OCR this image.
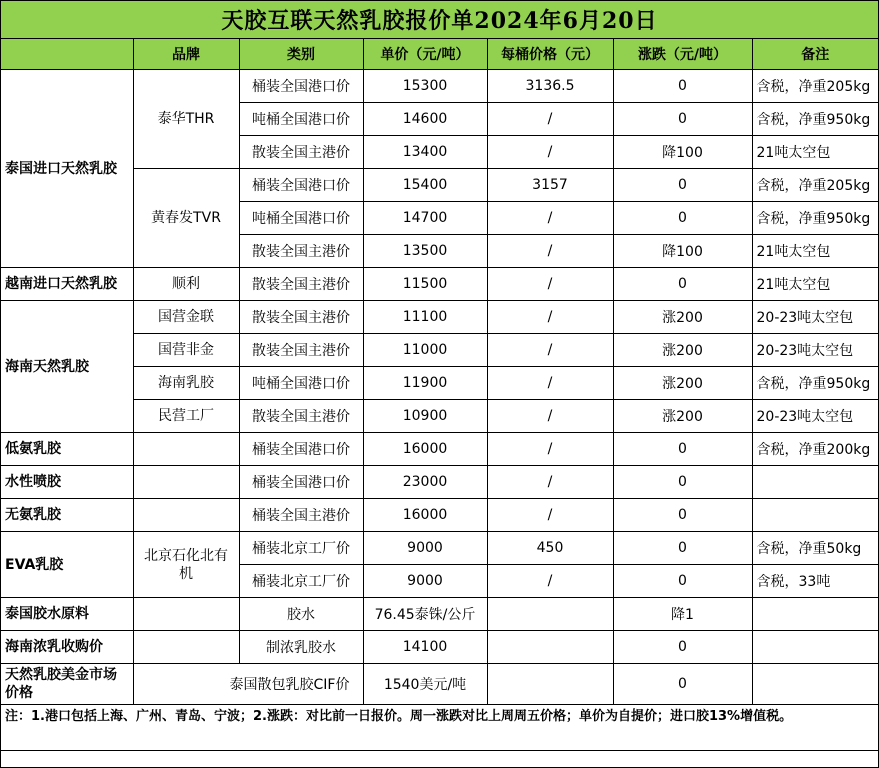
天胶互联天然乳胶报价单2024年6月20日
	品牌	类别	单价（元/吨）	每桶价格（元）	涨跌（元/吨）	备注
泰国进口天然乳胶	泰华THR	桶装全国港口价	15300	3136.5	0	含税，净重205kg
		吨桶全国港口价	14600	/	0	含税，净重950kg
		散装全国主港价	13400	/	降100	21吨太空包
	黄春发TVR	桶装全国港口价	15400	3157	0	含税，净重205kg
		吨桶全国港口价	14700	/	0	含税，净重950kg
		散装全国主港价	13500	/	降100	21吨太空包
越南进口天然乳胶	顺利	散装全国主港价	11500	/	0	21吨太空包
海南天然乳胶	国营金联	散装全国主港价	11100	/	涨200	20-23吨太空包
	国营非金	散装全国主港价	11000	/	涨200	20-23吨太空包
	海南乳胶	吨桶全国港口价	11900	/	涨200	含税，净重950kg
	民营工厂	散装全国主港价	10900	/	涨200	20-23吨太空包
低氨乳胶		桶装全国港口价	16000	/	0	含税，净重200kg
水性喷胶		桶装全国港口价	23000	/	0	
无氨乳胶		桶装全国主港价	16000	/	0	
EVA乳胶	北京石化北有机	桶装北京工厂价	9000	450	0	含税，净重50kg
		桶装北京工厂价	9000	/	0	含税，33吨
泰国胶水原料		胶水	76.45泰铢/公斤		降1	
海南浓乳收购价		制浓乳胶水	14100		0	
天然乳胶美金市场价格	泰国散包乳胶CIF价		1540美元/吨		0	
注：1.港口包括上海、广州、青岛、宁波；2.涨跌：对比前一日报价。周一涨跌对比上周周五价格；单价为自提价；进口胶13%增值税。						
